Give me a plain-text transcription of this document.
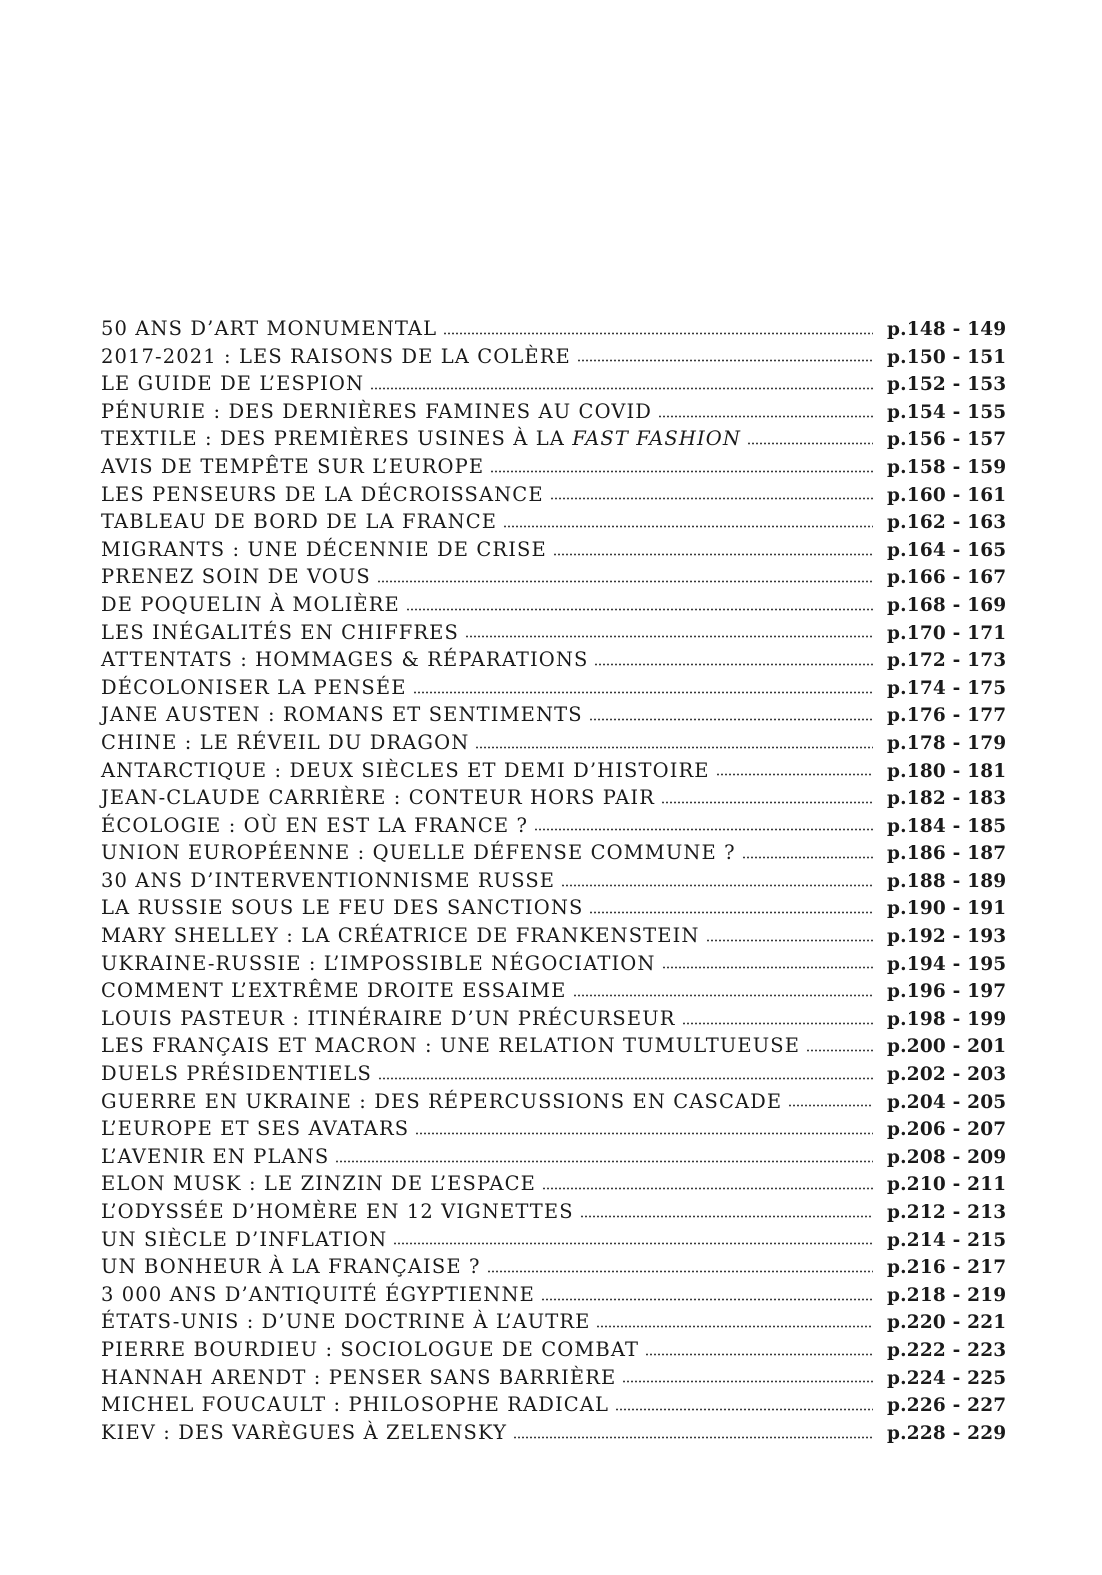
50 ANS D’ART MONUMENTAL	p.148 - 149
2017-2021 : LES RAISONS DE LA COLÈRE	p.150 - 151
LE GUIDE DE L’ESPION	p.152 - 153
PÉNURIE : DES DERNIÈRES FAMINES AU COVID	p.154 - 155
TEXTILE : DES PREMIÈRES USINES À LA FAST FASHION	p.156 - 157
AVIS DE TEMPÊTE SUR L’EUROPE	p.158 - 159
LES PENSEURS DE LA DÉCROISSANCE	p.160 - 161
TABLEAU DE BORD DE LA FRANCE	p.162 - 163
MIGRANTS : UNE DÉCENNIE DE CRISE	p.164 - 165
PRENEZ SOIN DE VOUS	p.166 - 167
DE POQUELIN À MOLIÈRE	p.168 - 169
LES INÉGALITÉS EN CHIFFRES	p.170 - 171
ATTENTATS : HOMMAGES & RÉPARATIONS	p.172 - 173
DÉCOLONISER LA PENSÉE	p.174 - 175
JANE AUSTEN : ROMANS ET SENTIMENTS	p.176 - 177
CHINE : LE RÉVEIL DU DRAGON	p.178 - 179
ANTARCTIQUE : DEUX SIÈCLES ET DEMI D’HISTOIRE	p.180 - 181
JEAN-CLAUDE CARRIÈRE : CONTEUR HORS PAIR	p.182 - 183
ÉCOLOGIE : OÙ EN EST LA FRANCE ?	p.184 - 185
UNION EUROPÉENNE : QUELLE DÉFENSE COMMUNE ?	p.186 - 187
30 ANS D’INTERVENTIONNISME RUSSE	p.188 - 189
LA RUSSIE SOUS LE FEU DES SANCTIONS	p.190 - 191
MARY SHELLEY : LA CRÉATRICE DE FRANKENSTEIN	p.192 - 193
UKRAINE-RUSSIE : L’IMPOSSIBLE NÉGOCIATION	p.194 - 195
COMMENT L’EXTRÊME DROITE ESSAIME	p.196 - 197
LOUIS PASTEUR : ITINÉRAIRE D’UN PRÉCURSEUR	p.198 - 199
LES FRANÇAIS ET MACRON : UNE RELATION TUMULTUEUSE	p.200 - 201
DUELS PRÉSIDENTIELS	p.202 - 203
GUERRE EN UKRAINE : DES RÉPERCUSSIONS EN CASCADE	p.204 - 205
L’EUROPE ET SES AVATARS	p.206 - 207
L’AVENIR EN PLANS	p.208 - 209
ELON MUSK : LE ZINZIN DE L’ESPACE	p.210 - 211
L’ODYSSÉE D’HOMÈRE EN 12 VIGNETTES	p.212 - 213
UN SIÈCLE D’INFLATION	p.214 - 215
UN BONHEUR À LA FRANÇAISE ?	p.216 - 217
3 000 ANS D’ANTIQUITÉ ÉGYPTIENNE	p.218 - 219
ÉTATS-UNIS : D’UNE DOCTRINE À L’AUTRE	p.220 - 221
PIERRE BOURDIEU : SOCIOLOGUE DE COMBAT	p.222 - 223
HANNAH ARENDT : PENSER SANS BARRIÈRE	p.224 - 225
MICHEL FOUCAULT : PHILOSOPHE RADICAL	p.226 - 227
KIEV : DES VARÈGUES À ZELENSKY	p.228 - 229
